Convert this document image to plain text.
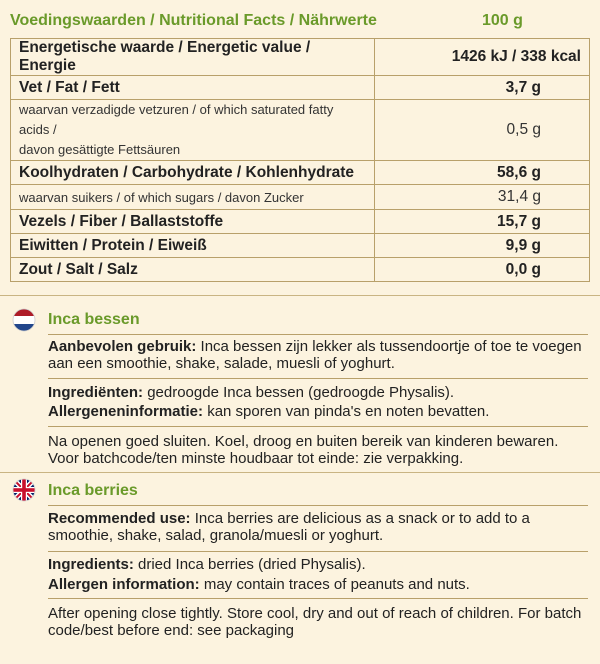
Voedingswaarden / Nutritional Facts / Nährwerte	100 g
Energetische waarde / Energetic value / Energie	1426 kJ / 338 kcal
Vet / Fat / Fett	3,7 g

waarvan verzadigde vetzuren / of which saturated fatty acids /
davon gesättigte Fettsäuren	0,5 g
Koolhydraten / Carbohydrate / Kohlenhydrate	58,6 g
waarvan suikers / of which sugars / davon Zucker	31,4 g
Vezels / Fiber / Ballaststoffe	15,7 g
Eiwitten / Protein / Eiweiß	9,9 g
Zout / Salt / Salz	0,0 g
Inca bessen
Aanbevolen gebruik: Inca bessen zijn lekker als tussendoortje of toe te voegen aan een smoothie, shake, salade, muesli of yoghurt.
Ingrediënten: gedroogde Inca bessen (gedroogde Physalis).
Allergeneninformatie: kan sporen van pinda's en noten bevatten.
Na openen goed sluiten. Koel, droog en buiten bereik van kinderen bewaren. Voor batchcode/ten minste houdbaar tot einde: zie verpakking.
Inca berries
Recommended use: Inca berries are delicious as a snack or to add to a smoothie, shake, salad, granola/muesli or yoghurt.
Ingredients: dried Inca berries (dried Physalis).
Allergen information: may contain traces of peanuts and nuts.
After opening close tightly. Store cool, dry and out of reach of children. For batch code/best before end: see packaging
